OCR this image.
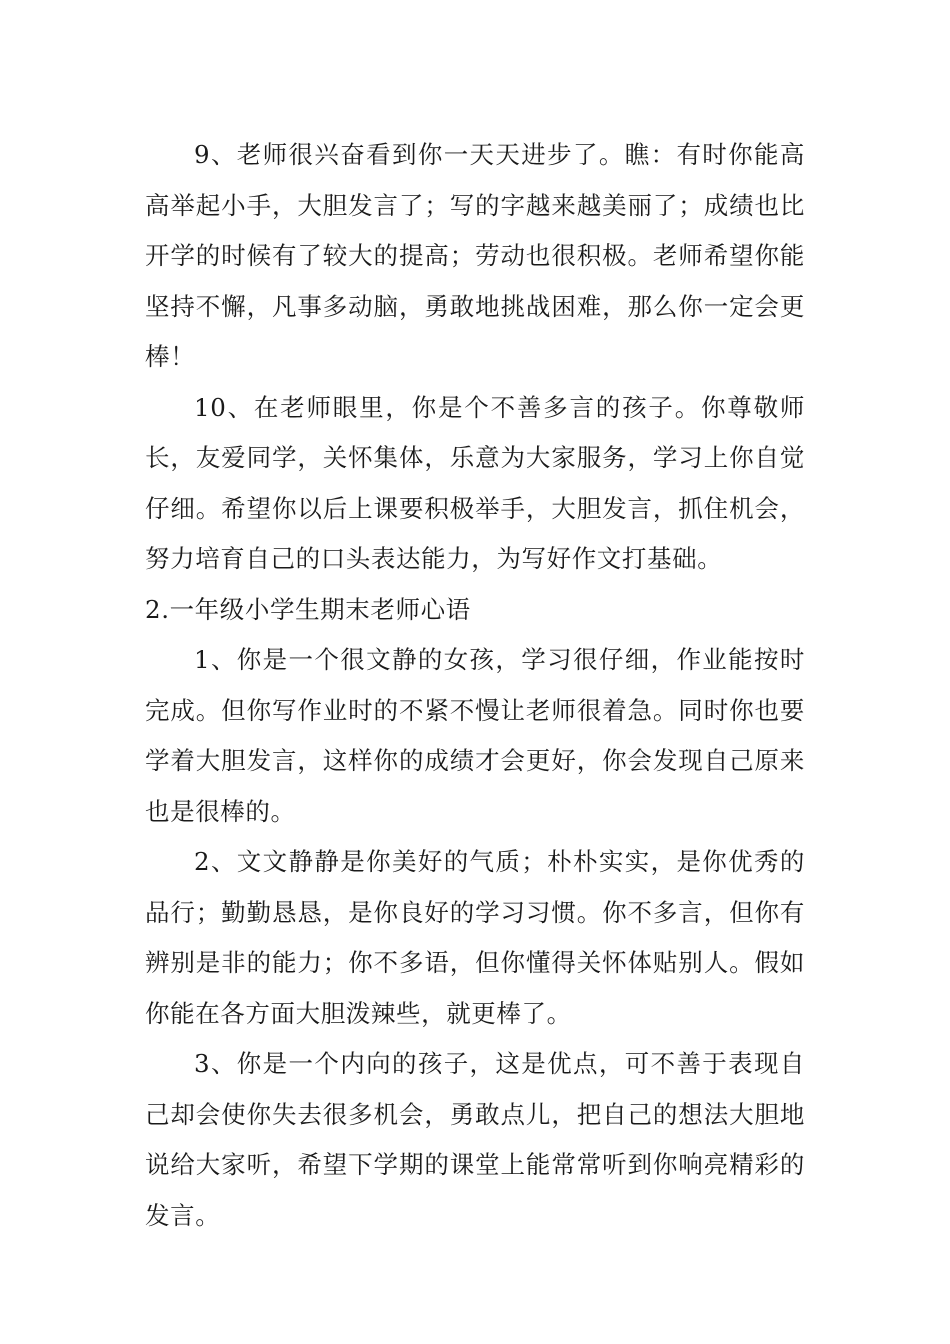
9、老师很兴奋看到你一天天进步了。瞧：有时你能高高举起小手，大胆发言了；写的字越来越美丽了；成绩也比开学的时候有了较大的提高；劳动也很积极。老师希望你能坚持不懈，凡事多动脑，勇敢地挑战困难，那么你一定会更棒！

10、在老师眼里，你是个不善多言的孩子。你尊敬师长，友爱同学，关怀集体，乐意为大家服务，学习上你自觉仔细。希望你以后上课要积极举手，大胆发言，抓住机会，努力培育自己的口头表达能力，为写好作文打基础。

2.一年级小学生期末老师心语

1、你是一个很文静的女孩，学习很仔细，作业能按时完成。但你写作业时的不紧不慢让老师很着急。同时你也要学着大胆发言，这样你的成绩才会更好，你会发现自己原来也是很棒的。

2、文文静静是你美好的气质；朴朴实实，是你优秀的品行；勤勤恳恳，是你良好的学习习惯。你不多言，但你有辨别是非的能力；你不多语，但你懂得关怀体贴别人。假如你能在各方面大胆泼辣些，就更棒了。

3、你是一个内向的孩子，这是优点，可不善于表现自己却会使你失去很多机会，勇敢点儿，把自己的想法大胆地说给大家听，希望下学期的课堂上能常常听到你响亮精彩的发言。
